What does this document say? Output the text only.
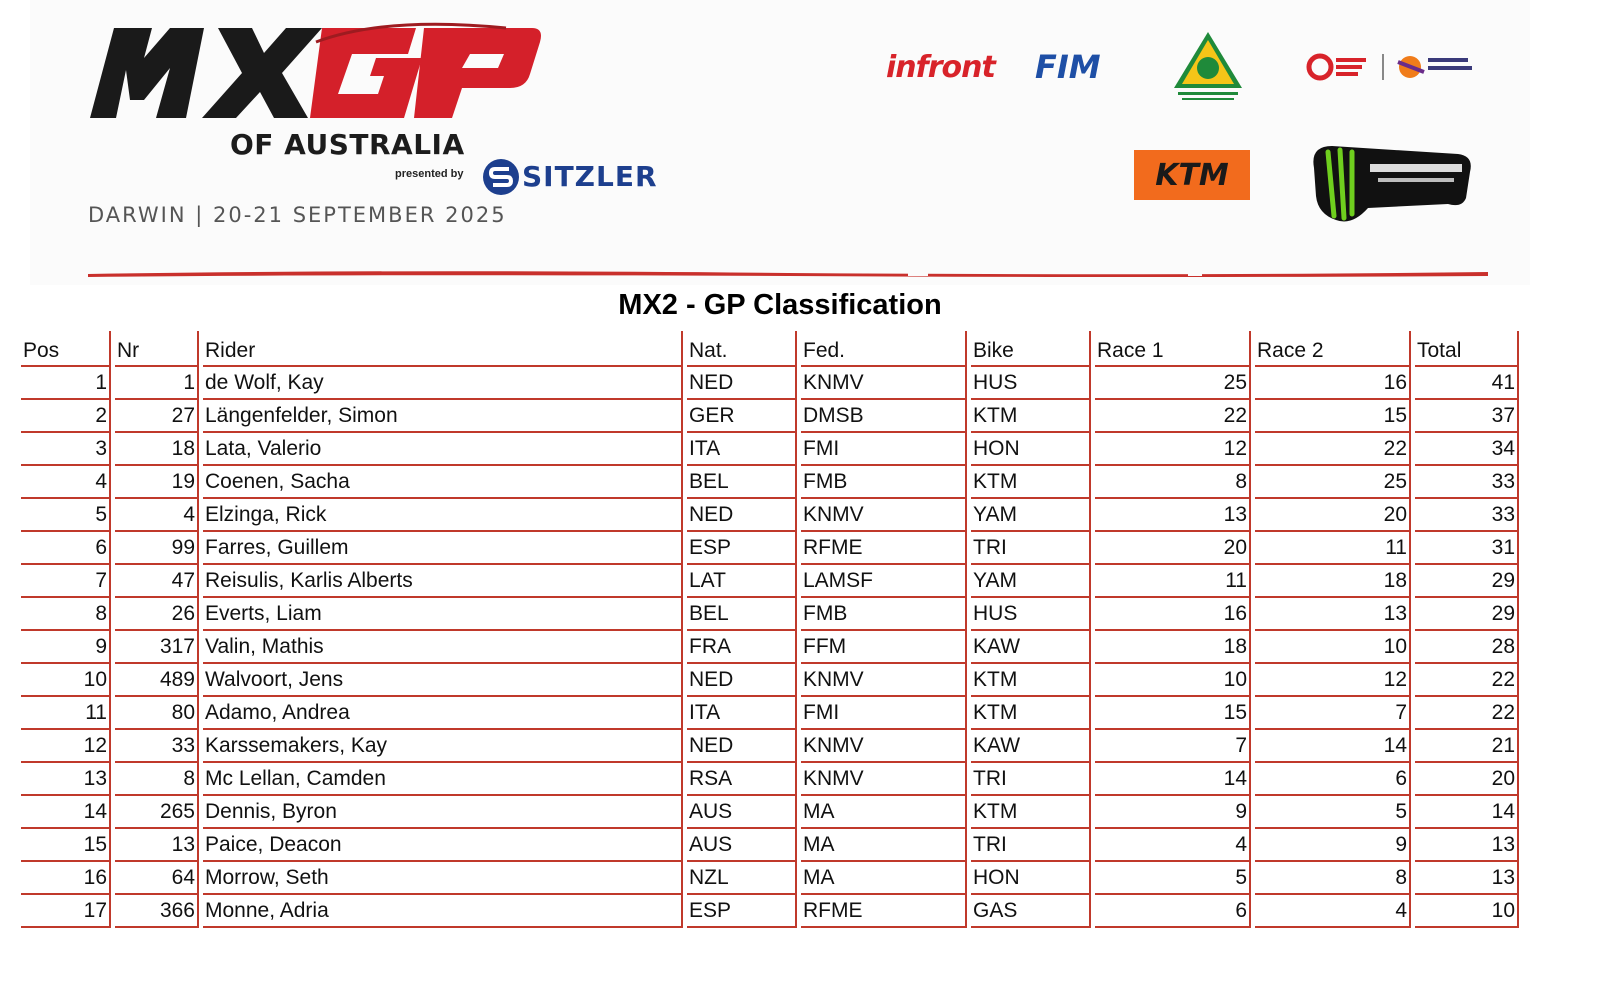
OF AUSTRALIA
presented by SITZLER
DARWIN | 20-21 SEPTEMBER 2025
infront FIM
KTM
MX2 - GP Classification
Pos	Nr	Rider	Nat.	Fed.	Bike	Race 1	Race 2	Total
1	1	de Wolf, Kay	NED	KNMV	HUS	25	16	41
2	27	Längenfelder, Simon	GER	DMSB	KTM	22	15	37
3	18	Lata, Valerio	ITA	FMI	HON	12	22	34
4	19	Coenen, Sacha	BEL	FMB	KTM	8	25	33
5	4	Elzinga, Rick	NED	KNMV	YAM	13	20	33
6	99	Farres, Guillem	ESP	RFME	TRI	20	11	31
7	47	Reisulis, Karlis Alberts	LAT	LAMSF	YAM	11	18	29
8	26	Everts, Liam	BEL	FMB	HUS	16	13	29
9	317	Valin, Mathis	FRA	FFM	KAW	18	10	28
10	489	Walvoort, Jens	NED	KNMV	KTM	10	12	22
11	80	Adamo, Andrea	ITA	FMI	KTM	15	7	22
12	33	Karssemakers, Kay	NED	KNMV	KAW	7	14	21
13	8	Mc Lellan, Camden	RSA	KNMV	TRI	14	6	20
14	265	Dennis, Byron	AUS	MA	KTM	9	5	14
15	13	Paice, Deacon	AUS	MA	TRI	4	9	13
16	64	Morrow, Seth	NZL	MA	HON	5	8	13
17	366	Monne, Adria	ESP	RFME	GAS	6	4	10
